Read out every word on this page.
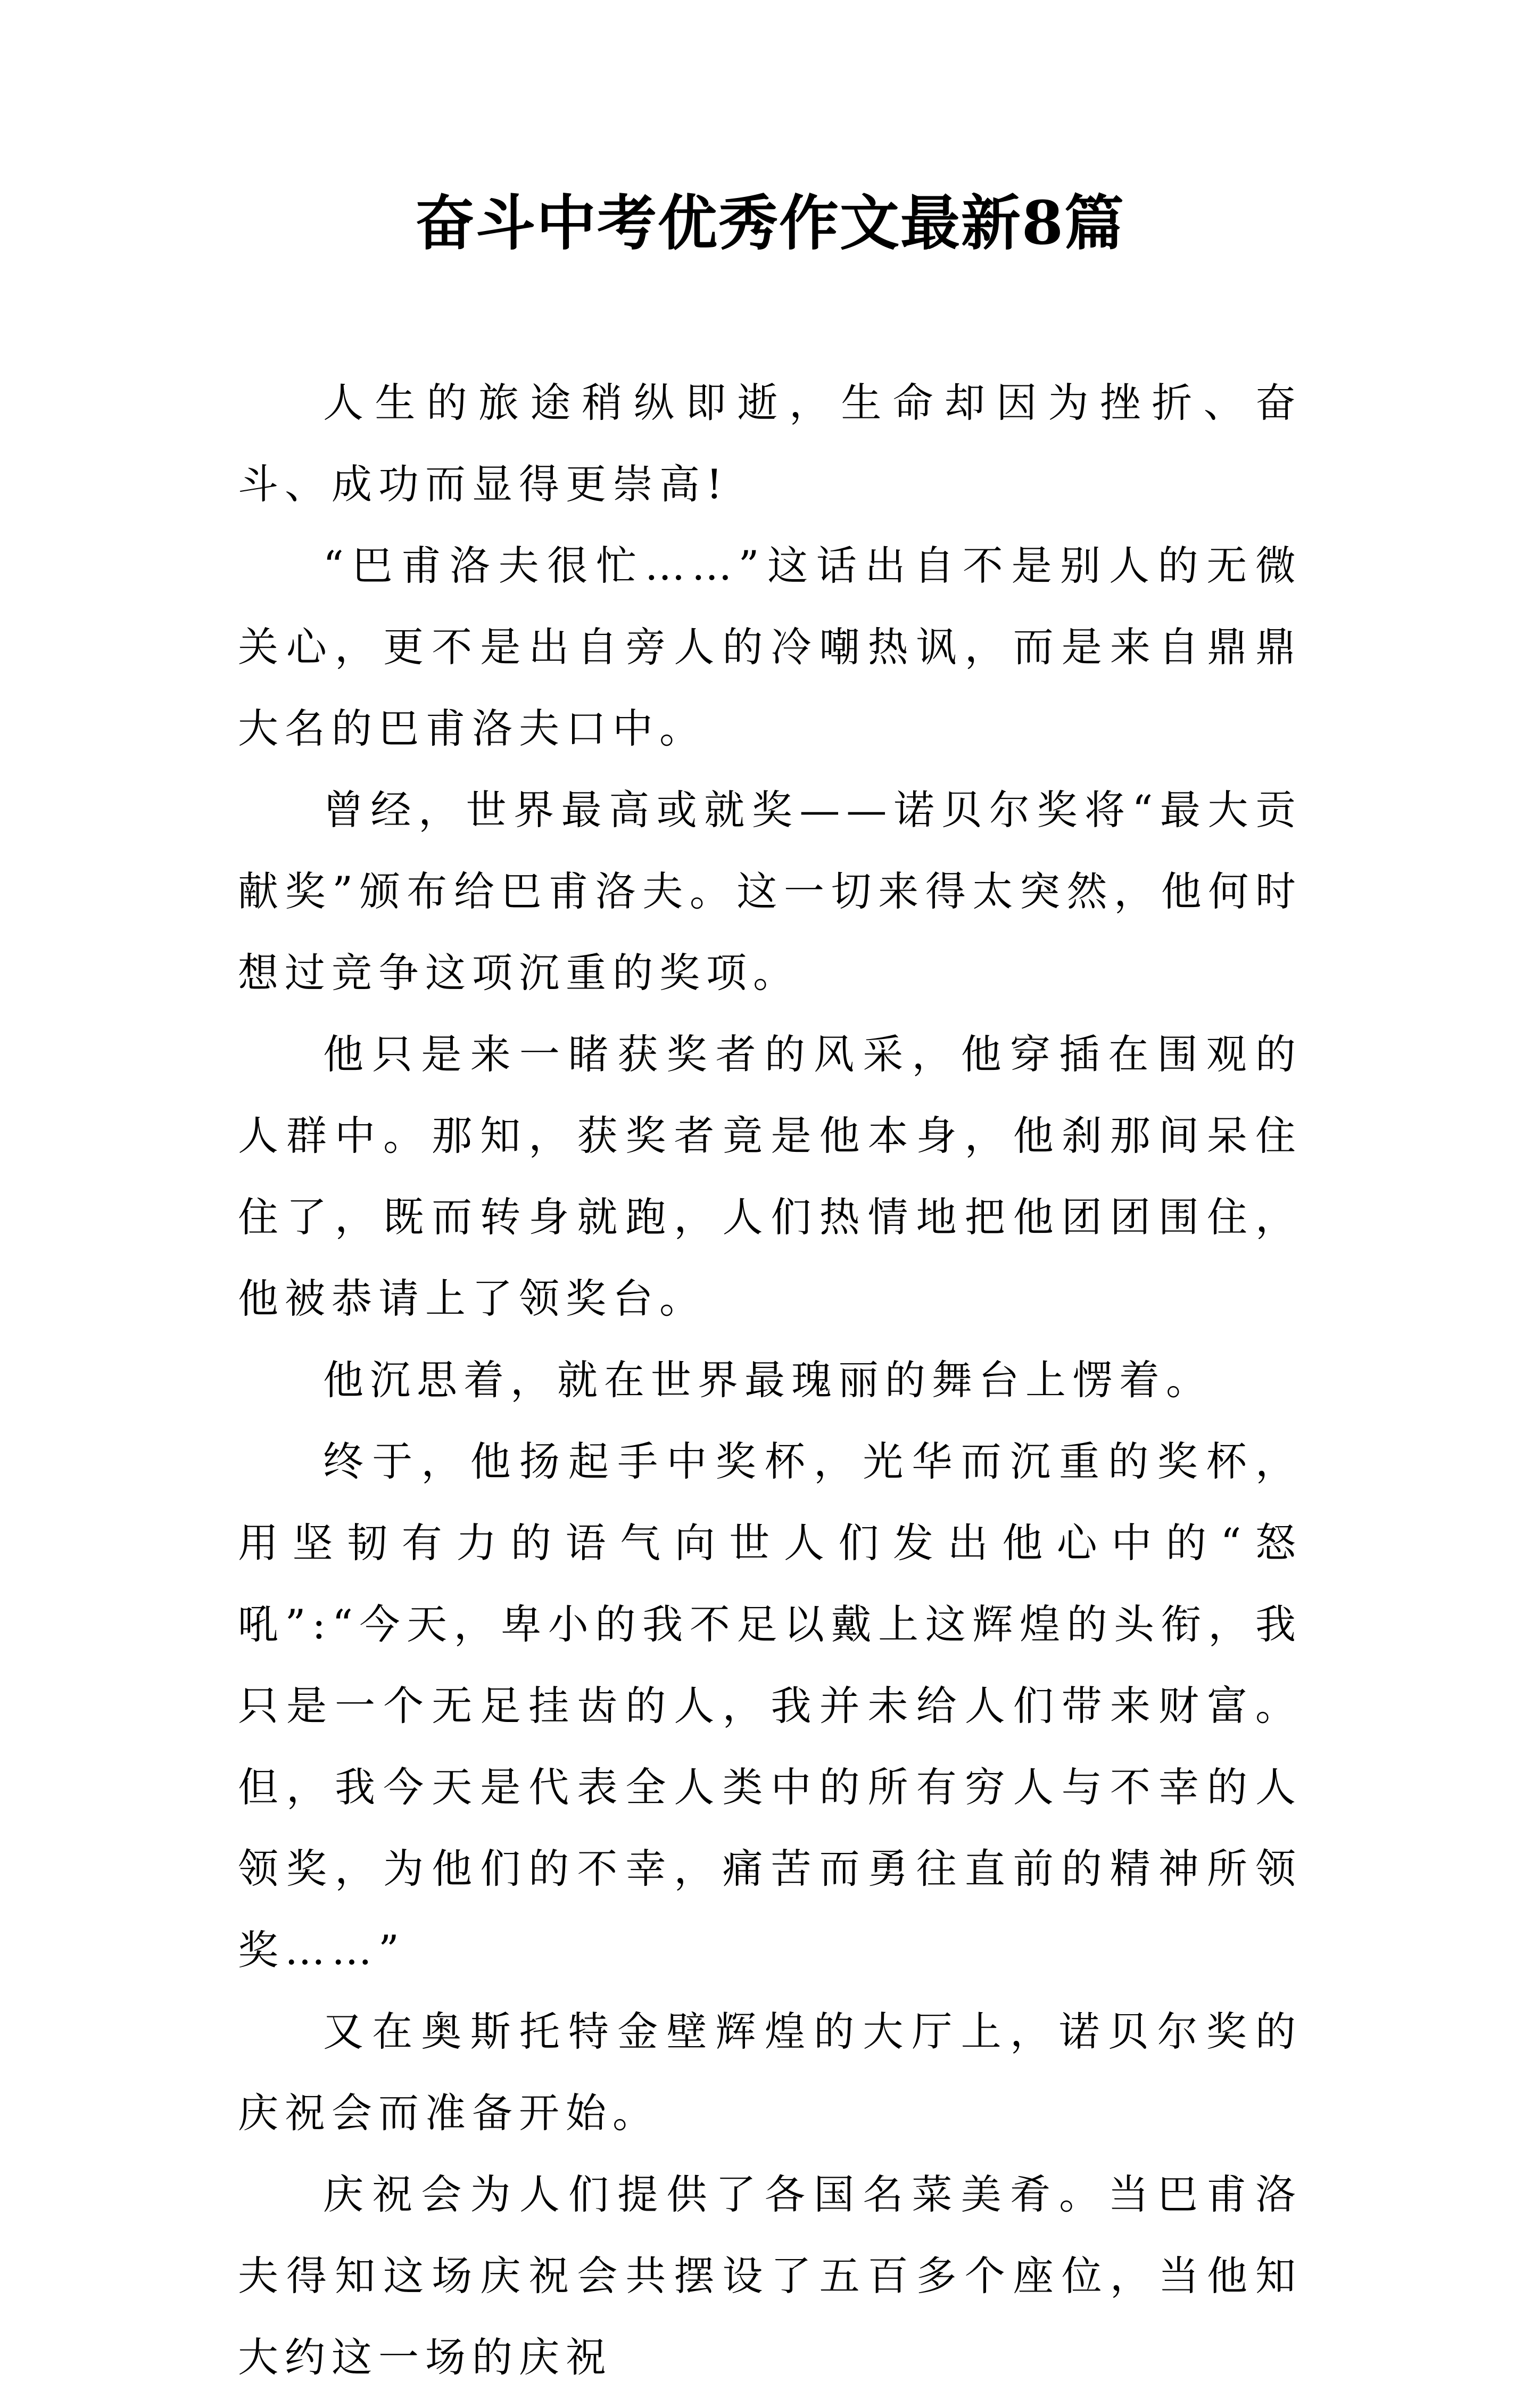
奋斗中考优秀作文最新8篇

人生的旅途稍纵即逝，生命却因为挫折、奋斗、成功而显得更崇高!

“巴甫洛夫很忙……”这话出自不是别人的无微关心，更不是出自旁人的冷嘲热讽，而是来自鼎鼎大名的巴甫洛夫口中。

曾经，世界最高或就奖——诺贝尔奖将“最大贡献奖”颁布给巴甫洛夫。这一切来得太突然，他何时想过竞争这项沉重的奖项。

他只是来一睹获奖者的风采，他穿插在围观的人群中。那知，获奖者竟是他本身，他刹那间呆住住了，既而转身就跑，人们热情地把他团团围住，他被恭请上了领奖台。

他沉思着，就在世界最瑰丽的舞台上愣着。

终于，他扬起手中奖杯，光华而沉重的奖杯，用坚韧有力的语气向世人们发出他心中的“怒吼”:“今天，卑小的我不足以戴上这辉煌的头衔，我只是一个无足挂齿的人，我并未给人们带来财富。但，我今天是代表全人类中的所有穷人与不幸的人领奖，为他们的不幸，痛苦而勇往直前的精神所领奖……”

又在奥斯托特金壁辉煌的大厅上，诺贝尔奖的庆祝会而准备开始。

庆祝会为人们提供了各国名菜美肴。当巴甫洛夫得知这场庆祝会共摆设了五百多个座位，当他知大约这一场的庆祝
